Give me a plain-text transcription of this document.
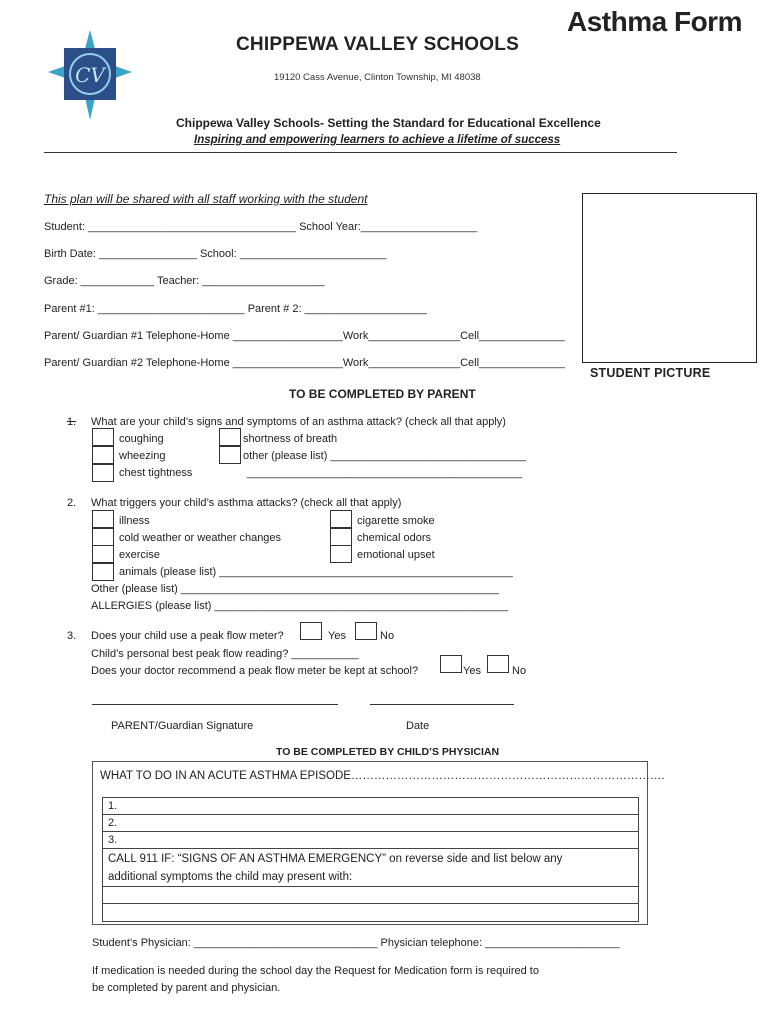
CV
CHIPPEWA VALLEY SCHOOLS
Asthma Form
19120 Cass Avenue, Clinton Township, MI 48038
Chippewa Valley Schools- Setting the Standard for Educational Excellence
Inspiring and empowering learners to achieve a lifetime of success
This plan will be shared with all staff working with the student
Student: __________________________________ School Year:___________________
Birth Date: ________________ School: ________________________
Grade: ____________ Teacher: ____________________
Parent #1: ________________________ Parent # 2: ____________________
Parent/ Guardian #1 Telephone-Home __________________Work_______________Cell______________
Parent/ Guardian #2 Telephone-Home __________________Work_______________Cell______________
STUDENT PICTURE
TO BE COMPLETED BY PARENT
1. What are your child’s signs and symptoms of an asthma attack? (check all that apply)
coughing
wheezing
chest tightness
shortness of breath
other (please list) ________________________________
_____________________________________________
2. What triggers your child’s asthma attacks? (check all that apply)
illness
cold weather or weather changes
exercise
animals (please list) ________________________________________________
cigarette smoke
chemical odors
emotional upset
Other (please list) ____________________________________________________
ALLERGIES (please list) ________________________________________________
3. Does your child use a peak flow meter?	Yes	No
Child’s personal best peak flow reading? ___________
Does your doctor recommend a peak flow meter be kept at school?	Yes	No
PARENT/Guardian Signature	Date
TO BE COMPLETED BY CHILD’S PHYSICIAN
WHAT TO DO IN AN ACUTE ASTHMA EPISODE……………………………………………………………………….
1.
2.
3.
CALL 911 IF: “SIGNS OF AN ASTHMA EMERGENCY” on reverse side and list below any
additional symptoms the child may present with:
Student’s Physician: ______________________________ Physician telephone: ______________________
If medication is needed during the school day the Request for Medication form is required to
be completed by parent and physician.
